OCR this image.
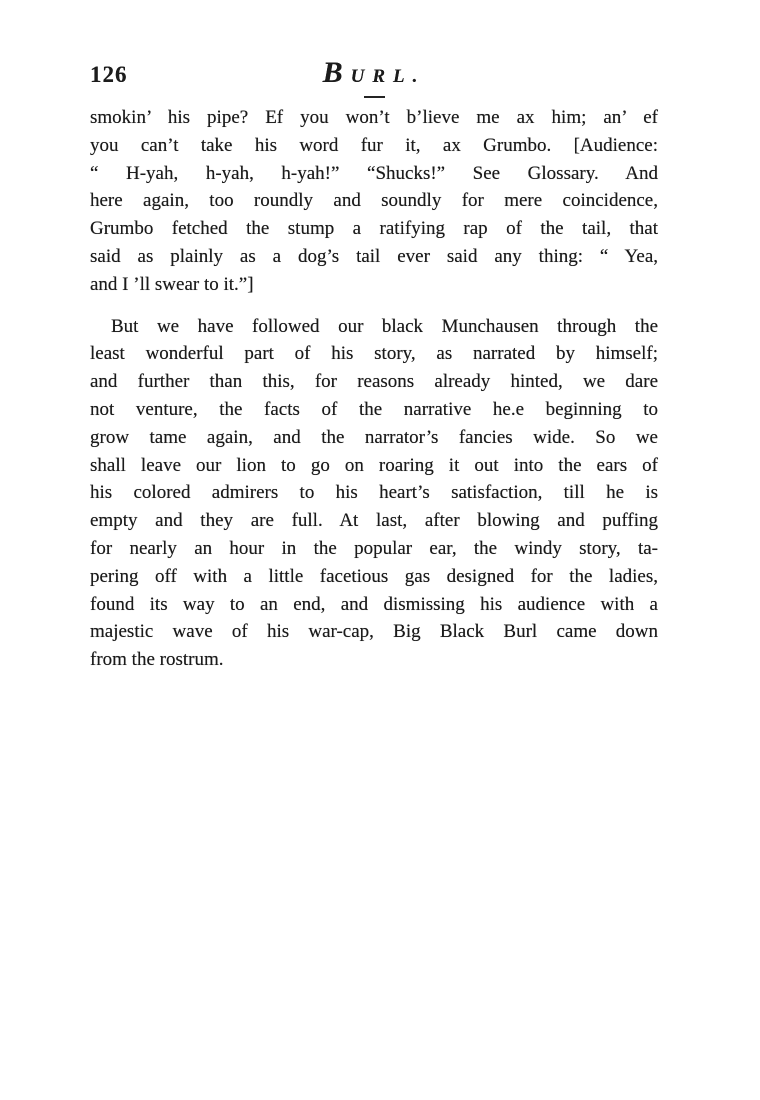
126	BURL.
smokin’ his pipe? Ef you won’t b’lieve me ax him; an’ ef
you can’t take his word fur it, ax Grumbo. [Audience:
“ H-yah, h-yah, h-yah!” “Shucks!” See Glossary. And
here again, too roundly and soundly for mere coincidence,
Grumbo fetched the stump a ratifying rap of the tail, that
said as plainly as a dog’s tail ever said any thing: “ Yea,
and I ’ll swear to it.”]
But we have followed our black Munchausen through the
least wonderful part of his story, as narrated by himself;
and further than this, for reasons already hinted, we dare
not venture, the facts of the narrative he.e beginning to
grow tame again, and the narrator’s fancies wide. So we
shall leave our lion to go on roaring it out into the ears of
his colored admirers to his heart’s satisfaction, till he is
empty and they are full. At last, after blowing and puffing
for nearly an hour in the popular ear, the windy story, ta-
pering off with a little facetious gas designed for the ladies,
found its way to an end, and dismissing his audience with a
majestic wave of his war-cap, Big Black Burl came down
from the rostrum.
